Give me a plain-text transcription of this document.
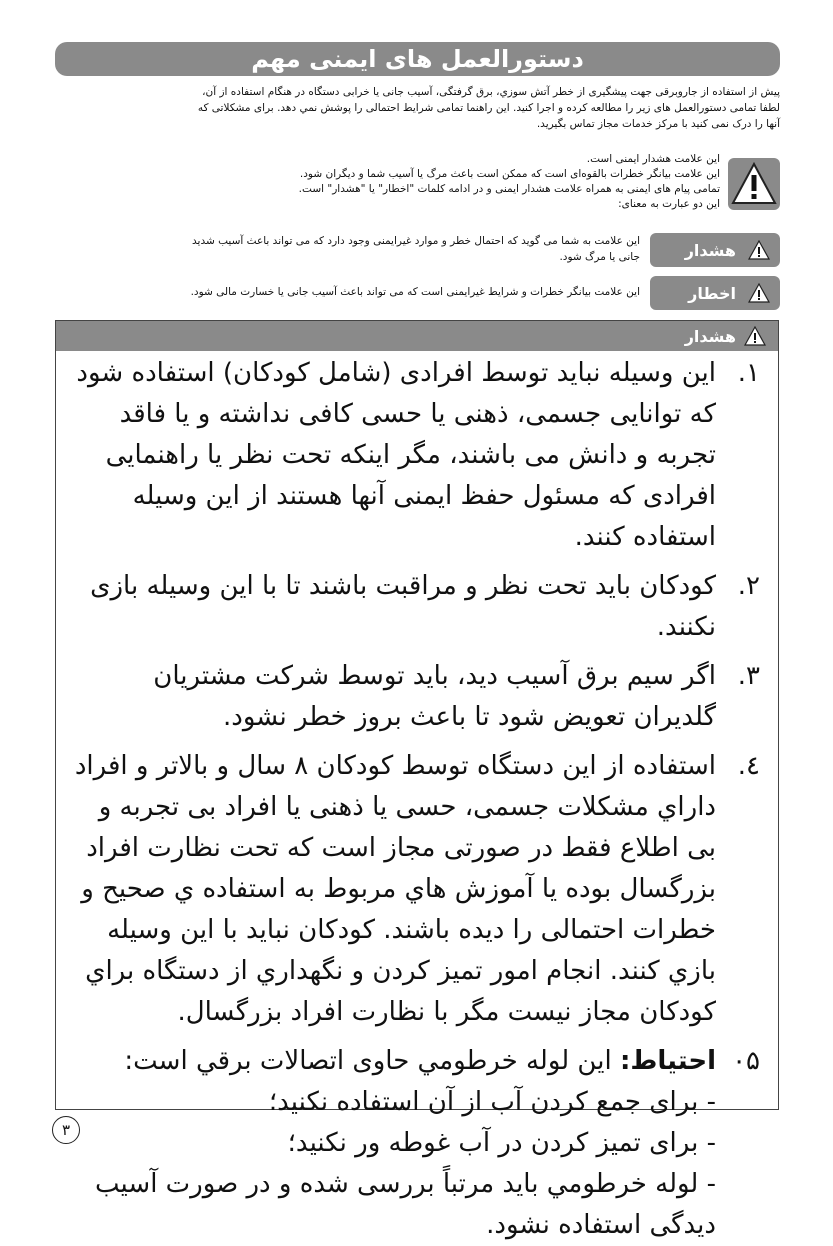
دستورالعمل های ایمنی مهم
پیش از استفاده از جاروبرقی جهت پیشگیری از خطر آتش سوزي، برق گرفتگی، آسیب جانی یا خرابی دستگاه در هنگام استفاده از آن،
لطفا تمامی دستورالعمل های زیر را مطالعه کرده و اجرا کنید. این راهنما تمامی شرایط احتمالی را پوشش نمي دهد. برای مشکلاتی که
آنها را درک نمی کنید با مرکز خدمات مجاز تماس بگیرید.
این علامت هشدار ایمنی است.
این علامت بیانگر خطرات بالقوه‌ای است که ممکن است باعث مرگ یا آسیب شما و دیگران شود.
تمامی پیام های ایمنی به همراه علامت هشدار ایمنی و در ادامه کلمات "اخطار" یا "هشدار" است.
این دو عبارت به معنای:
هشدار
این علامت به شما می گوید که احتمال خطر و موارد غیرایمنی وجود دارد که می تواند باعث آسیب شدید
جانی یا مرگ شود.
اخطار
این علامت بیانگر خطرات و شرایط غیرایمنی است که می تواند باعث آسیب جانی یا خسارت مالی شود.
هشدار
۱.
این وسیله نباید توسط افرادی (شامل کودکان) استفاده شود که توانایی جسمی، ذهنی یا حسی کافی نداشته و یا فاقد تجربه و دانش می باشند، مگر اینکه تحت نظر یا راهنمایی افرادی که مسئول حفظ ایمنی آنها هستند از این وسیله استفاده کنند.
۲.
کودکان باید تحت نظر و مراقبت باشند تا با این وسیله بازی نکنند.
۳.
اگر سیم برق آسیب دید، باید توسط شرکت مشتریان گلدیران تعویض شود تا باعث بروز خطر نشود.
٤.
استفاده از این دستگاه توسط کودکان ۸ سال و بالاتر و افراد داراي مشکلات جسمی، حسی یا ذهنی یا افراد بی تجربه و بی اطلاع فقط در صورتی مجاز است که تحت نظارت افراد بزرگسال بوده یا آموزش هاي مربوط به استفاده ي صحیح و خطرات احتمالی را دیده باشند. کودکان نباید با این وسیله بازي کنند. انجام امور تمیز کردن و نگهداري از دستگاه براي کودکان مجاز نیست مگر با نظارت افراد بزرگسال.
٠۵
احتیاط: این لوله خرطومي حاوی اتصالات برقي است:
- برای جمع کردن آب از آن استفاده نکنید؛
- برای تمیز کردن در آب غوطه ور نکنید؛
- لوله خرطومي باید مرتباً بررسی شده و در صورت آسیب دیدگی استفاده نشود.
۳
